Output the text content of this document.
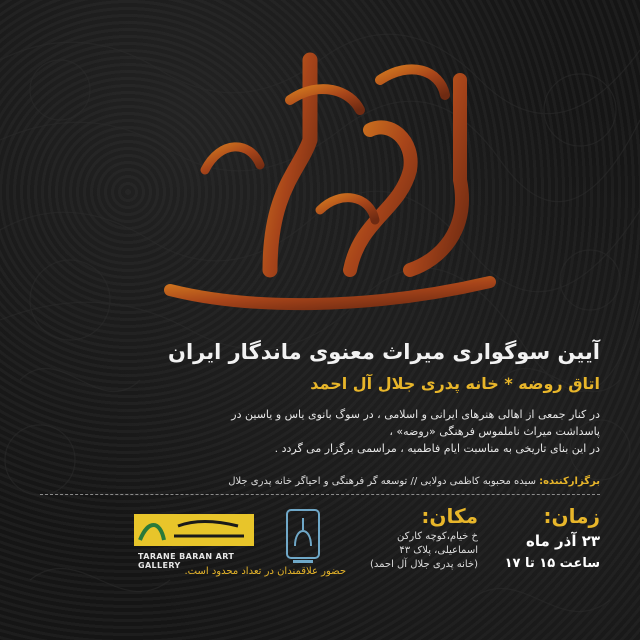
آیین سوگواری میراث معنوی ماندگار ایران
اتاق روضه * خانه پدری جلال آل احمد
در کنار جمعی از اهالی هنرهای ایرانی و اسلامی ، در سوگ بانوی یاس و یاسین در
پاسداشت میراث ناملموس فرهنگی «روضه» ،
در این بنای تاریخی به مناسبت ایام فاطمیه ، مراسمی برگزار می گردد .
برگزارکننده: سیده محبوبه کاظمی دولابی // توسعه گر فرهنگی و احیاگر خانه پدری جلال
زمان:
۲۳ آذر ماه
ساعت ۱۵ تا ۱۷
مکان:
خ خیام،کوچه کارکن
اسماعیلی، پلاک ۴۳
(خانه پدری جلال آل احمد)
TARANE BARAN ART GALLERY
حضور علاقمندان در تعداد محدود است.
